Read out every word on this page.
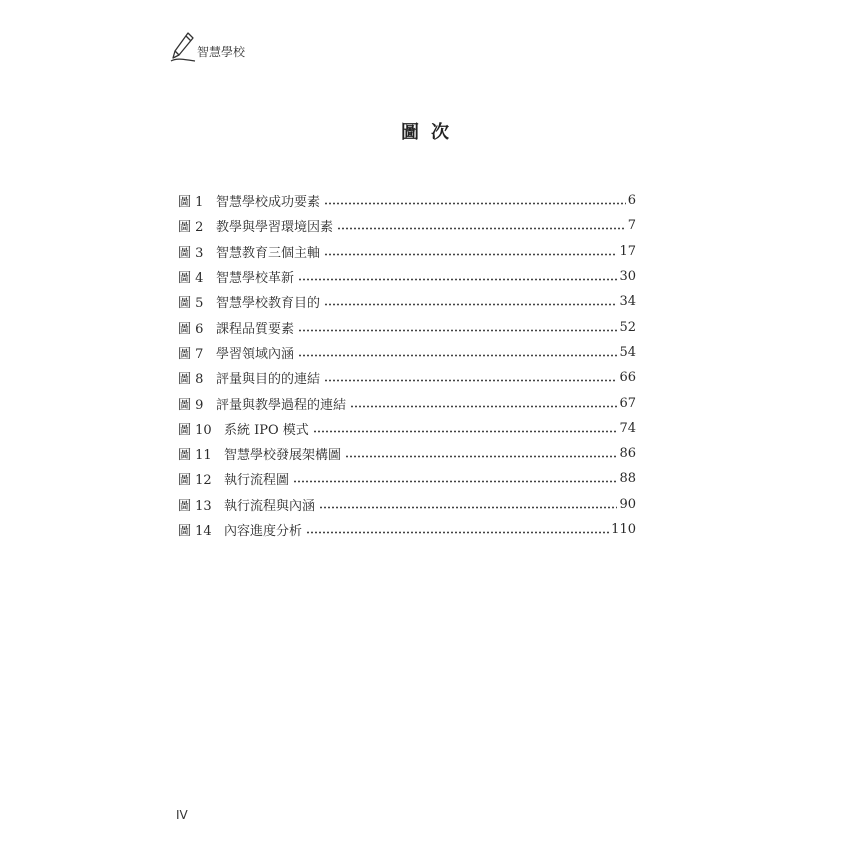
智慧學校
圖次
圖 1 智慧學校成功要素	6
圖 2 教學與學習環境因素	7
圖 3 智慧教育三個主軸	17
圖 4 智慧學校革新	30
圖 5 智慧學校教育目的	34
圖 6 課程品質要素	52
圖 7 學習領域內涵	54
圖 8 評量與目的的連結	66
圖 9 評量與教學過程的連結	67
圖 10 系統 IPO 模式	74
圖 11 智慧學校發展架構圖	86
圖 12 執行流程圖	88
圖 13 執行流程與內涵	90
圖 14 內容進度分析	110
IV
